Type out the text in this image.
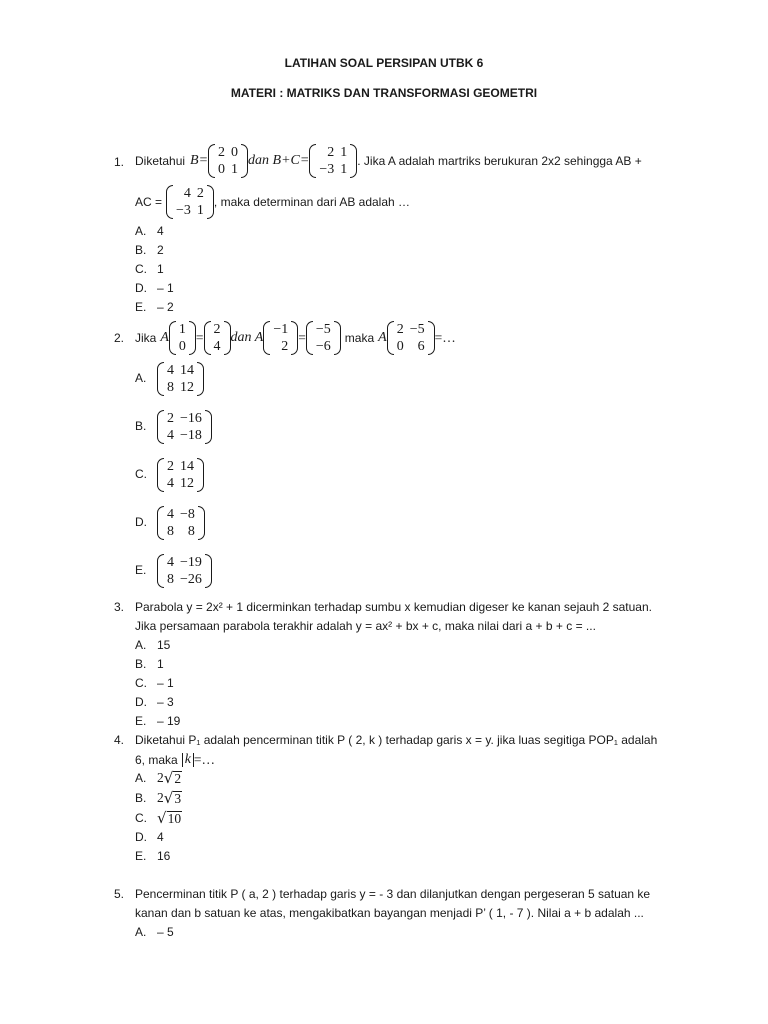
LATIHAN SOAL PERSIPAN UTBK 6
MATERI : MATRIKS DAN TRANSFORMASI GEOMETRI
1. Diketahui B=
2	0
0	1
dan B+C=
2	1
−3	1
. Jika A adalah martriks berukuran 2x2 sehingga AB +
AC =
4	2
−3	1
, maka determinan dari AB adalah …
A. 4
B. 2
C. 1
D. – 1
E. – 2
2. Jika A
1
0
=
2
4
dan A
−1
2
=
−5
−6
maka A
2	−5
0	6
=…
A. 4	14
8	12
B. 2	−16
4	−18
C. 2	14
4	12
D. 4	−8
8	8
E. 4	−19
8	−26
3. Parabola y = 2x² + 1 dicerminkan terhadap sumbu x kemudian digeser ke kanan sejauh 2 satuan.
Jika persamaan parabola terakhir adalah y = ax² + bx + c, maka nilai dari a + b + c = ...
A. 15
B. 1
C. – 1
D. – 3
E. – 19
4. Diketahui P₁ adalah pencerminan titik P ( 2, k ) terhadap garis x = y. jika luas segitiga POP₁ adalah
6, maka k =…
A. 2 √ 2
B. 2 √ 3
C. √ 10
D. 4
E. 16
5. Pencerminan titik P ( a, 2 ) terhadap garis y = - 3 dan dilanjutkan dengan pergeseran 5 satuan ke
kanan dan b satuan ke atas, mengakibatkan bayangan menjadi P’ ( 1, - 7 ). Nilai a + b adalah ...
A. – 5
